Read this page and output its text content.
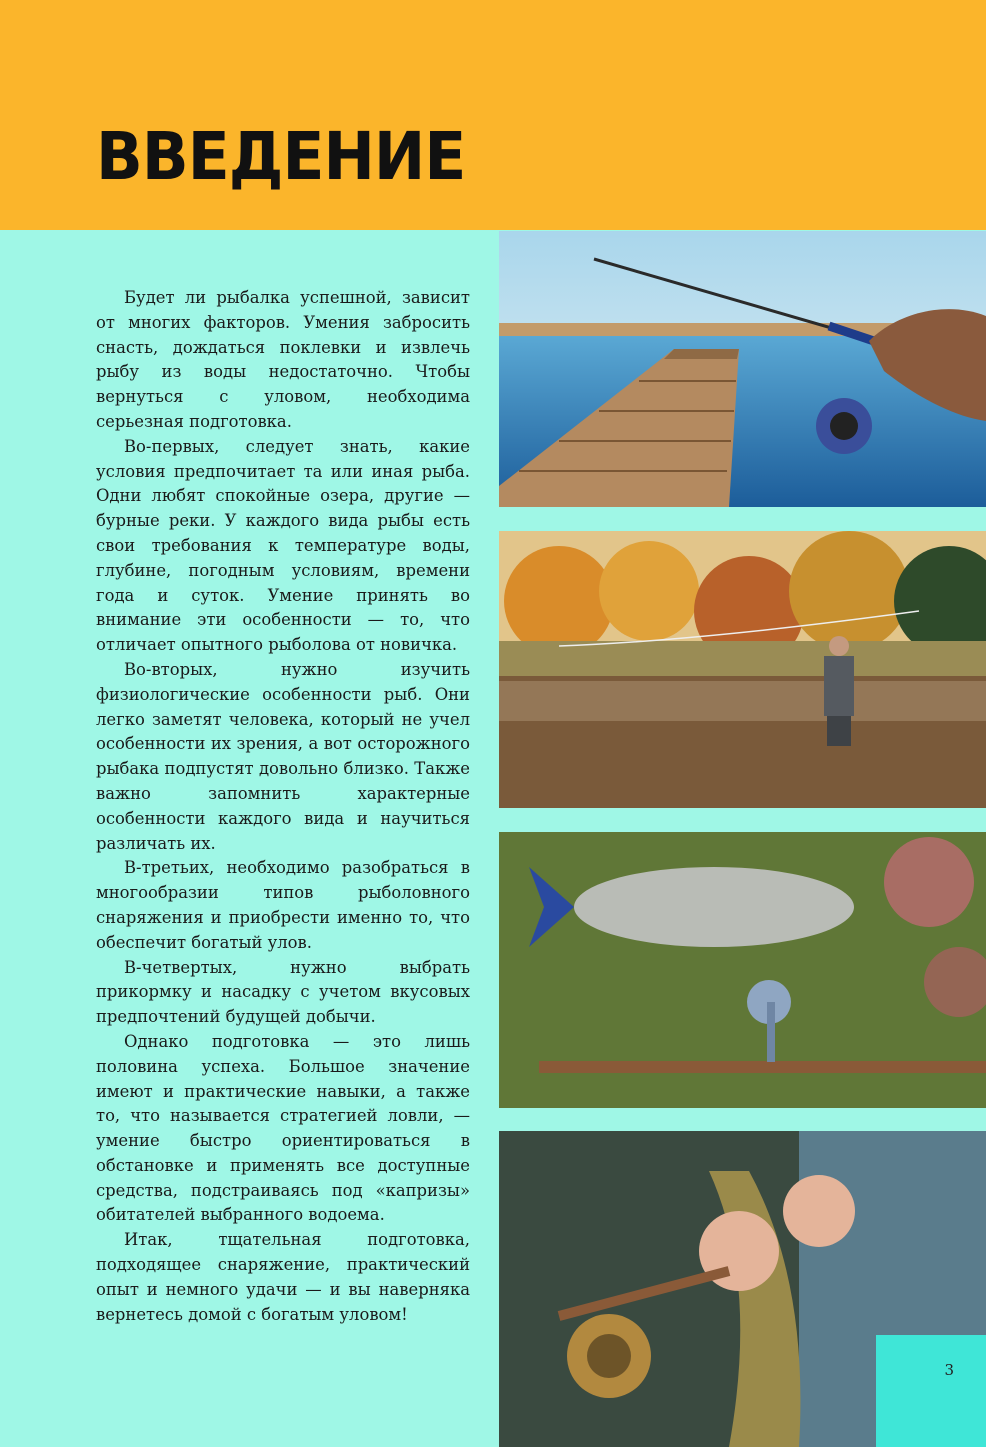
ВВЕДЕНИЕ

Будет ли рыбалка успешной, зависит от многих факторов. Умения забросить снасть, дождаться поклевки и извлечь рыбу из воды недостаточно. Чтобы вернуться с уловом, необходима серьезная подготовка.

Во-первых, следует знать, какие условия предпочитает та или иная рыба. Одни любят спокойные озера, другие — бурные реки. У каждого вида рыбы есть свои требования к температуре воды, глубине, погодным условиям, времени года и суток. Умение принять во внимание эти особенности — то, что отличает опытного рыболова от новичка.

Во-вторых, нужно изучить физиологические особенности рыб. Они легко заметят человека, который не учел особенности их зрения, а вот осторожного рыбака подпустят довольно близко. Также важно запомнить характерные особенности каждого вида и научиться различать их.

В-третьих, необходимо разобраться в многообразии типов рыболовного снаряжения и приобрести именно то, что обеспечит богатый улов.

В-четвертых, нужно выбрать прикормку и насадку с учетом вкусовых предпочтений будущей добычи.

Однако подготовка — это лишь половина успеха. Большое значение имеют и практические навыки, а также то, что называется стратегией ловли, — умение быстро ориентироваться в обстановке и применять все доступные средства, подстраиваясь под «капризы» обитателей выбранного водоема.

Итак, тщательная подготовка, подходящее снаряжение, практический опыт и немного удачи — и вы наверняка вернетесь домой с богатым уловом!

3
